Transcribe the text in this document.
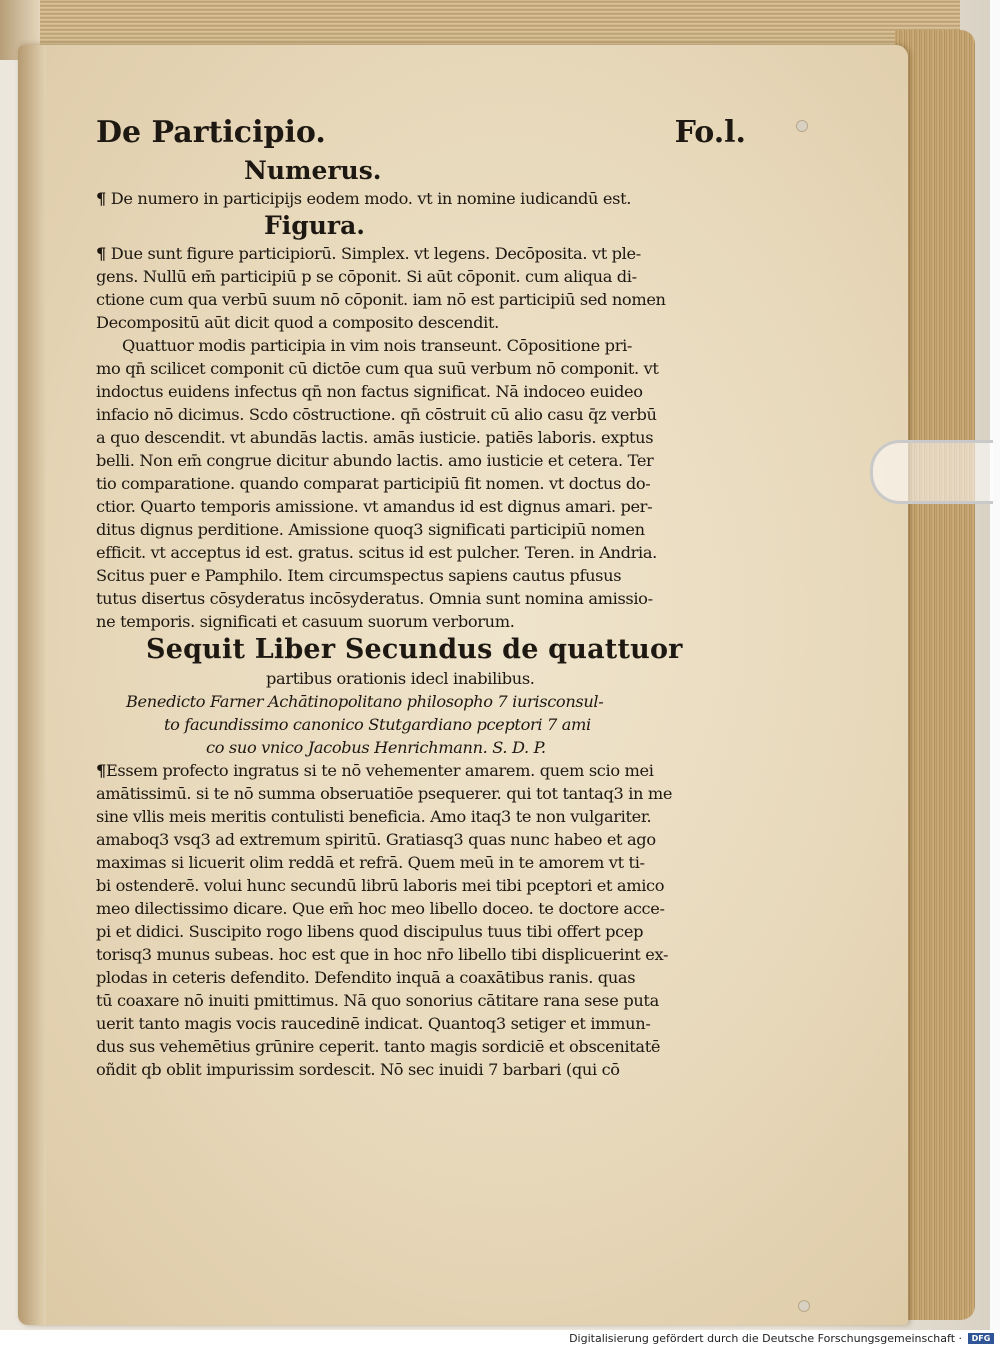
De Participio.	Fo.l.
Numerus.
¶ De numero in participijs eodem modo. vt in nomine iudicandū est.
Figura.
¶ Due sunt figure participiorū. Simplex. vt legens. Decōposita. vt ple-
gens. Nullū em̄ participiū p se cōponit. Si aūt cōponit. cum aliqua di-
ctione cum qua verbū suum nō cōponit. iam nō est participiū sed nomen
Decompositū aūt dicit quod a composito descendit.
Quattuor modis participia in vim nois transeunt. Cōpositione pri-
mo qn̄ scilicet componit cū dictōe cum qua suū verbum nō componit. vt
indoctus euidens infectus qn̄ non factus significat. Nā indoceo euideo
infacio nō dicimus. Scdo cōstructione. qn̄ cōstruit cū alio casu q̄z verbū
a quo descendit. vt abundās lactis. amās iusticie. patiēs laboris. exptus
belli. Non em̄ congrue dicitur abundo lactis. amo iusticie et cetera. Ter
tio comparatione. quando comparat participiū fit nomen. vt doctus do-
ctior. Quarto temporis amissione. vt amandus id est dignus amari. per-
ditus dignus perditione. Amissione quoq3 significati participiū nomen
efficit. vt acceptus id est. gratus. scitus id est pulcher. Teren. in Andria.
Scitus puer e Pamphilo. Item circumspectus sapiens cautus pfusus
tutus disertus cōsyderatus incōsyderatus. Omnia sunt nomina amissio-
ne temporis. significati et casuum suorum verborum.
Sequit Liber Secundus de quattuor
partibus orationis idecl inabilibus.
Benedicto Farner Achātinopolitano philosopho 7 iurisconsul-
to facundissimo canonico Stutgardiano pceptori 7 ami
co suo vnico Jacobus Henrichmann. S. D. P.
¶Essem profecto ingratus si te nō vehementer amarem. quem scio mei
amātissimū. si te nō summa obseruatiōe psequerer. qui tot tantaq3 in me
sine vllis meis meritis contulisti beneficia. Amo itaq3 te non vulgariter.
amaboq3 vsq3 ad extremum spiritū. Gratiasq3 quas nunc habeo et ago
maximas si licuerit olim reddā et refrā. Quem meū in te amorem vt ti-
bi ostenderē. volui hunc secundū librū laboris mei tibi pceptori et amico
meo dilectissimo dicare. Que em̄ hoc meo libello doceo. te doctore acce-
pi et didici. Suscipito rogo libens quod discipulus tuus tibi offert pcep
torisq3 munus subeas. hoc est que in hoc nr̄o libello tibi displicuerint ex-
plodas in ceteris defendito. Defendito inquā a coaxātibus ranis. quas
tū coaxare nō inuiti pmittimus. Nā quo sonorius cātitare rana sese puta
uerit tanto magis vocis raucedinē indicat. Quantoq3 setiger et immun-
dus sus vehemētius grūnire ceperit. tanto magis sordiciē et obscenitatē
oñdit qb oblit impurissim sordescit. Nō sec inuidi 7 barbari (qui cō
Digitalisierung gefördert durch die Deutsche Forschungsgemeinschaft ·	DFG
